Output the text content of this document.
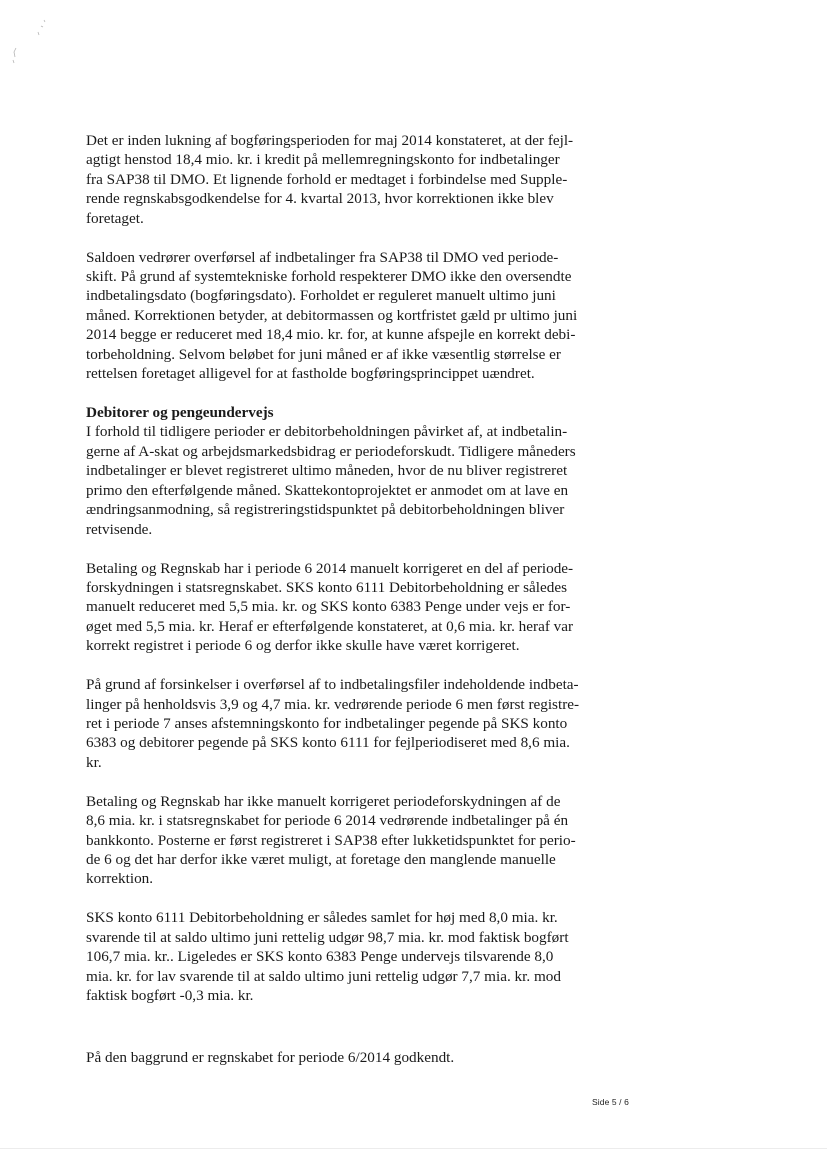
Det er inden lukning af bogføringsperioden for maj 2014 konstateret, at der fejl-
agtigt henstod 18,4 mio. kr. i kredit på mellemregningskonto for indbetalinger
fra SAP38 til DMO. Et lignende forhold er medtaget i forbindelse med Supple-
rende regnskabsgodkendelse for 4. kvartal 2013, hvor korrektionen ikke blev
foretaget.

Saldoen vedrører overførsel af indbetalinger fra SAP38 til DMO ved periode-
skift. På grund af systemtekniske forhold respekterer DMO ikke den oversendte
indbetalingsdato (bogføringsdato). Forholdet er reguleret manuelt ultimo juni
måned. Korrektionen betyder, at debitormassen og kortfristet gæld pr ultimo juni
2014 begge er reduceret med 18,4 mio. kr. for, at kunne afspejle en korrekt debi-
torbeholdning. Selvom beløbet for juni måned er af ikke væsentlig størrelse er
rettelsen foretaget alligevel for at fastholde bogføringsprincippet uændret.

Debitorer og pengeundervejs

I forhold til tidligere perioder er debitorbeholdningen påvirket af, at indbetalin-
gerne af A-skat og arbejdsmarkedsbidrag er periodeforskudt. Tidligere måneders
indbetalinger er blevet registreret ultimo måneden, hvor de nu bliver registreret
primo den efterfølgende måned. Skattekontoprojektet er anmodet om at lave en
ændringsanmodning, så registreringstidspunktet på debitorbeholdningen bliver
retvisende.

Betaling og Regnskab har i periode 6 2014 manuelt korrigeret en del af periode-
forskydningen i statsregnskabet. SKS konto 6111 Debitorbeholdning er således
manuelt reduceret med 5,5 mia. kr. og SKS konto 6383 Penge under vejs er for-
øget med 5,5 mia. kr. Heraf er efterfølgende konstateret, at 0,6 mia. kr. heraf var
korrekt registret i periode 6 og derfor ikke skulle have været korrigeret.

På grund af forsinkelser i overførsel af to indbetalingsfiler indeholdende indbeta-
linger på henholdsvis 3,9 og 4,7 mia. kr. vedrørende periode 6 men først registre-
ret i periode 7 anses afstemningskonto for indbetalinger pegende på SKS konto
6383 og debitorer pegende på SKS konto 6111 for fejlperiodiseret med 8,6 mia.
kr.

Betaling og Regnskab har ikke manuelt korrigeret periodeforskydningen af de
8,6 mia. kr. i statsregnskabet for periode 6 2014 vedrørende indbetalinger på én
bankkonto. Posterne er først registreret i SAP38 efter lukketidspunktet for perio-
de 6 og det har derfor ikke været muligt, at foretage den manglende manuelle
korrektion.

SKS konto 6111 Debitorbeholdning er således samlet for høj med 8,0 mia. kr.
svarende til at saldo ultimo juni rettelig udgør 98,7 mia. kr. mod faktisk bogført
106,7 mia. kr.. Ligeledes er SKS konto 6383 Penge undervejs tilsvarende 8,0
mia. kr. for lav svarende til at saldo ultimo juni rettelig udgør 7,7 mia. kr. mod
faktisk bogført -0,3 mia. kr.

På den baggrund er regnskabet for periode 6/2014 godkendt.

Side 5 / 6
